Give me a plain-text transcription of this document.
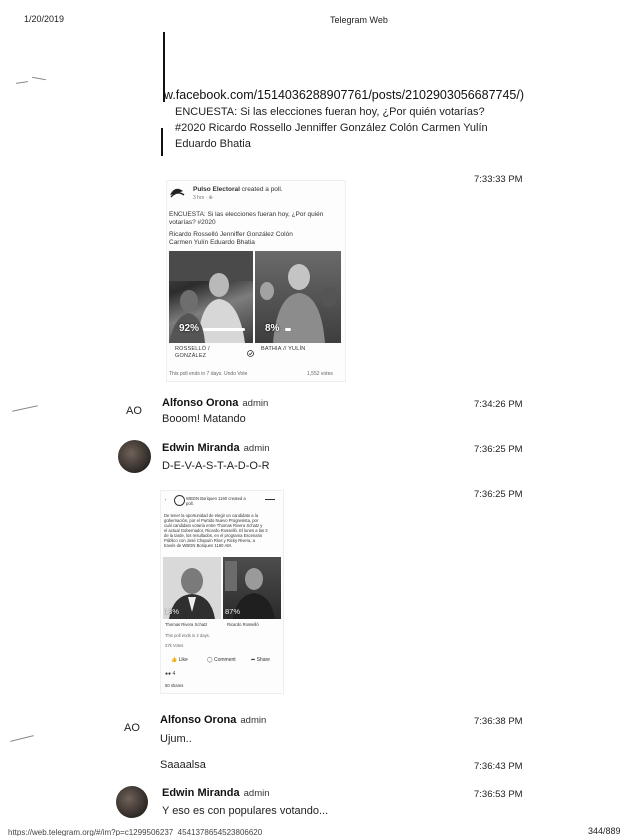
1/20/2019	Telegram Web
w.facebook.com/1514036288907761/posts/2102903056687745/)
ENCUESTA: Si las elecciones fueran hoy, ¿Por quién votarías?
#2020 Ricardo Rossello Jenniffer González Colón Carmen Yulín
Eduardo Bhatia
7:33:33 PM
Pulso Electoral created a poll.
3 hrs · ⊕
ENCUESTA: Si las elecciones fueran hoy, ¿Por quién
votarías? #2020
Ricardo Rosselló Jenniffer González Colón
Carmen Yulín Eduardo Bhatia
92%	8%
ROSSELLÓ /
GONZÁLEZ
BATHIA // YULÍN
This poll ends in 7 days. Undo Vote	1,552 votes
AO
Alfonso Orona admin	7:34:26 PM
Booom! Matando
Edwin Miranda admin	7:36:25 PM
D-E-V-A-S-T-A-D-O-R
7:36:25 PM
‹	WBGN Boriquen 1160 created a poll.
De tener la oportunidad de elegir un candidato a la
gobernación, por el Partido Nuevo Progresista, por
cuál candidato votaría entre Thomas Rivera Schatz y
el actual Gobernador, Ricardo Rosselló. El lunes a las 3
de la tarde, los resultados, en el programa Escenario
Público con José Chapuín Ríos y Ricky Rivera, a
través de WBGN Boriquen 1160 AM.
13%	87%
Thomas Rivera Schatz	Ricardo Rosselló
This poll ends in 2 days.
37k Votes
👍 Like	◯ Comment	➦ Share
●● 4
50 shares
AO
Alfonso Orona admin	7:36:38 PM
Ujum..
Saaaalsa	7:36:43 PM
Edwin Miranda admin	7:36:53 PM
Y eso es con populares votando...
https://web.telegram.org/#/im?p=c1299506237_4541378654523806620	344/889
